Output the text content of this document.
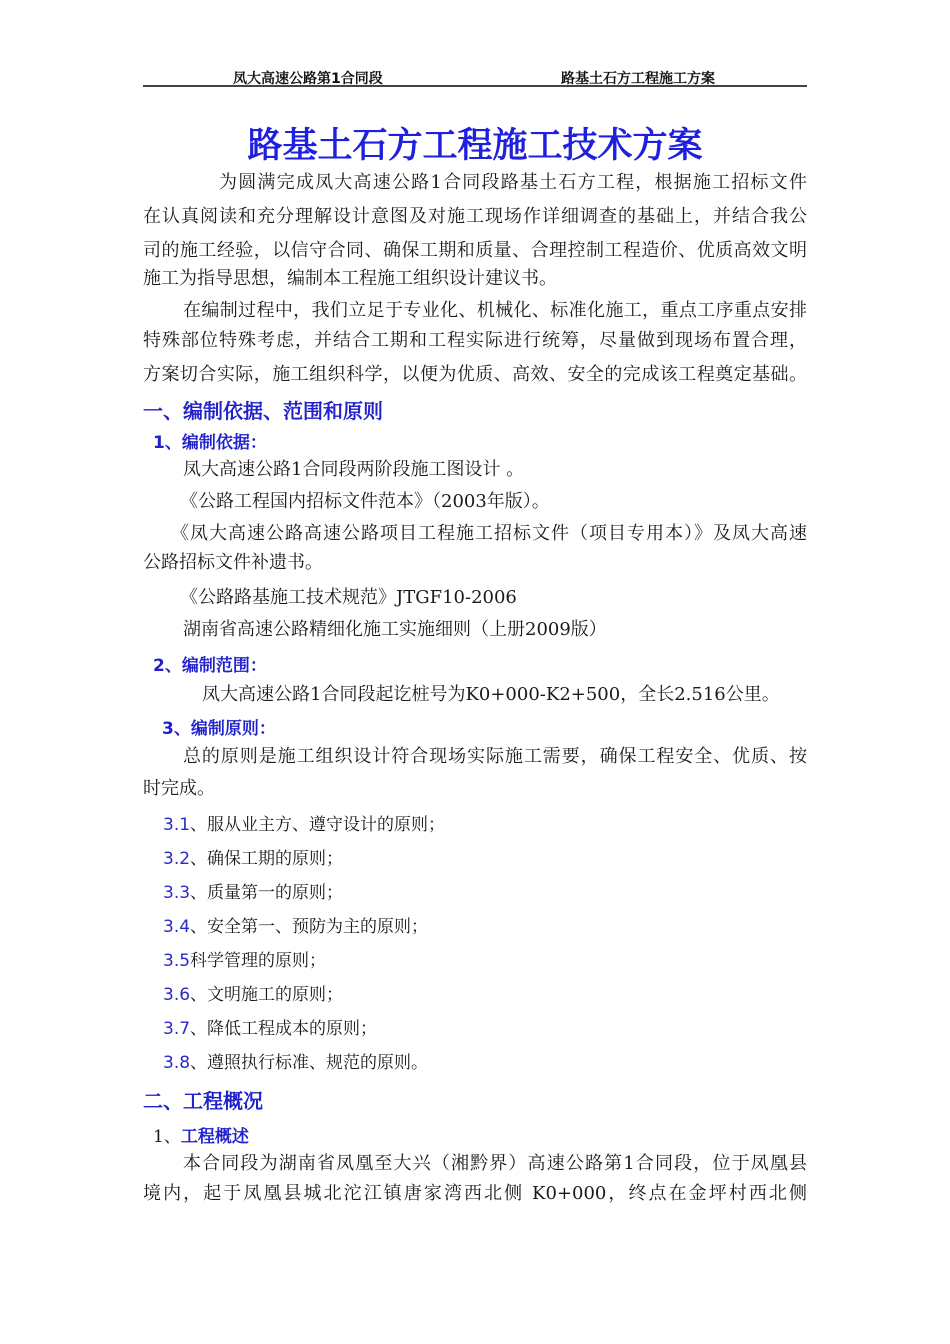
凤大高速公路第1合同段	路基土石方工程施工方案
路基土石方工程施工技术方案
为圆满完成凤大高速公路1合同段路基土石方工程，根据施工招标文件
在认真阅读和充分理解设计意图及对施工现场作详细调查的基础上，并结合我公
司的施工经验，以信守合同、确保工期和质量、合理控制工程造价、优质高效文明
施工为指导思想，编制本工程施工组织设计建议书。
在编制过程中，我们立足于专业化、机械化、标准化施工，重点工序重点安排
特殊部位特殊考虑，并结合工期和工程实际进行统筹，尽量做到现场布置合理，
方案切合实际，施工组织科学，以便为优质、高效、安全的完成该工程奠定基础。
一、编制依据、范围和原则
1、编制依据：
凤大高速公路1合同段两阶段施工图设计 。
《公路工程国内招标文件范本》（2003年版）。
《凤大高速公路高速公路项目工程施工招标文件（项目专用本）》及凤大高速
公路招标文件补遗书。
《公路路基施工技术规范》JTGF10-2006
湖南省高速公路精细化施工实施细则（上册2009版）
2、编制范围：
凤大高速公路1合同段起讫桩号为K0+000-K2+500，全长2.516公里。
3、编制原则：
总的原则是施工组织设计符合现场实际施工需要，确保工程安全、优质、按
时完成。
3.1、服从业主方、遵守设计的原则；
3.2、确保工期的原则；
3.3、质量第一的原则；
3.4、安全第一、预防为主的原则；
3.5科学管理的原则；
3.6、文明施工的原则；
3.7、降低工程成本的原则；
3.8、遵照执行标准、规范的原则。
二、工程概况
1、工程概述
本合同段为湖南省凤凰至大兴（湘黔界）高速公路第1合同段，位于凤凰县
境内，起于凤凰县城北沱江镇唐家湾西北侧 K0+000，终点在金坪村西北侧
